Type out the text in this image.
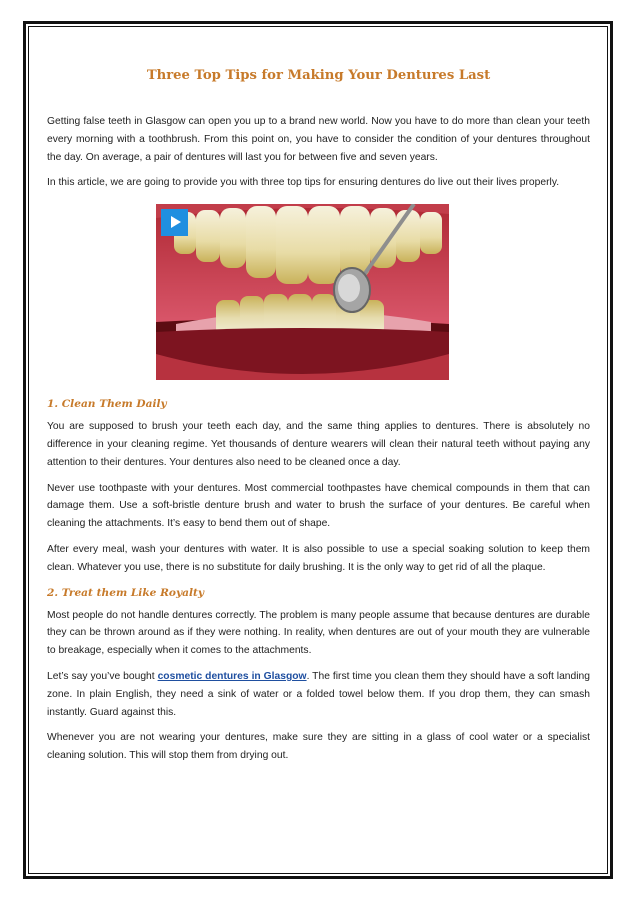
Three Top Tips for Making Your Dentures Last

Getting false teeth in Glasgow can open you up to a brand new world. Now you have to do more than clean your teeth every morning with a toothbrush. From this point on, you have to consider the condition of your dentures throughout the day. On average, a pair of dentures will last you for between five and seven years.

In this article, we are going to provide you with three top tips for ensuring dentures do live out their lives properly.

1. Clean Them Daily

You are supposed to brush your teeth each day, and the same thing applies to dentures. There is absolutely no difference in your cleaning regime. Yet thousands of denture wearers will clean their natural teeth without paying any attention to their dentures. Your dentures also need to be cleaned once a day.

Never use toothpaste with your dentures. Most commercial toothpastes have chemical compounds in them that can damage them. Use a soft-bristle denture brush and water to brush the surface of your dentures. Be careful when cleaning the attachments. It’s easy to bend them out of shape.

After every meal, wash your dentures with water. It is also possible to use a special soaking solution to keep them clean. Whatever you use, there is no substitute for daily brushing. It is the only way to get rid of all the plaque.

2. Treat them Like Royalty

Most people do not handle dentures correctly. The problem is many people assume that because dentures are durable they can be thrown around as if they were nothing. In reality, when dentures are out of your mouth they are vulnerable to breakage, especially when it comes to the attachments.

Let’s say you’ve bought cosmetic dentures in Glasgow. The first time you clean them they should have a soft landing zone. In plain English, they need a sink of water or a folded towel below them. If you drop them, they can smash instantly. Guard against this.

Whenever you are not wearing your dentures, make sure they are sitting in a glass of cool water or a specialist cleaning solution. This will stop them from drying out.
